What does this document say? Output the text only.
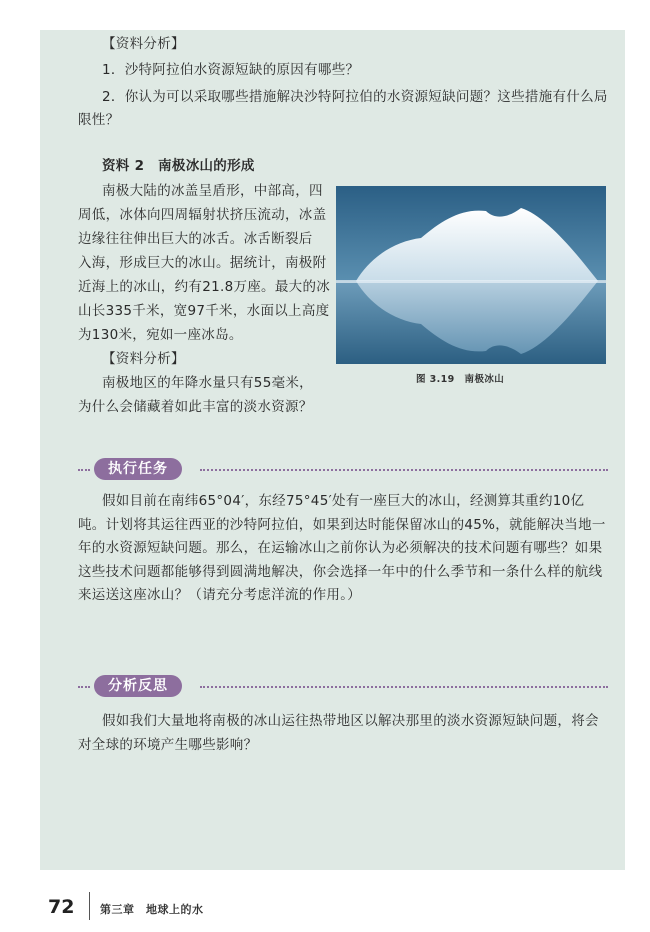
【资料分析】

1．沙特阿拉伯水资源短缺的原因有哪些？

2．你认为可以采取哪些措施解决沙特阿拉伯的水资源短缺问题？这些措施有什么局限性？

资料 2　南极冰山的形成

南极大陆的冰盖呈盾形，中部高，四

周低，冰体向四周辐射状挤压流动，冰盖

边缘往往伸出巨大的冰舌。冰舌断裂后

入海，形成巨大的冰山。据统计，南极附

近海上的冰山，约有21.8万座。最大的冰

山长335千米，宽97千米，水面以上高度

为130米，宛如一座冰岛。

【资料分析】

南极地区的年降水量只有55毫米，

为什么会储藏着如此丰富的淡水资源？

图 3.19　南极冰山
执行任务

假如目前在南纬65°04′，东经75°45′处有一座巨大的冰山，经测算其重约10亿吨。计划将其运往西亚的沙特阿拉伯，如果到达时能保留冰山的45%，就能解决当地一年的水资源短缺问题。那么，在运输冰山之前你认为必须解决的技术问题有哪些？如果这些技术问题都能够得到圆满地解决，你会选择一年中的什么季节和一条什么样的航线来运送这座冰山？（请充分考虑洋流的作用。）

分析反思

假如我们大量地将南极的冰山运往热带地区以解决那里的淡水资源短缺问题，将会对全球的环境产生哪些影响？

72 第三章　地球上的水
